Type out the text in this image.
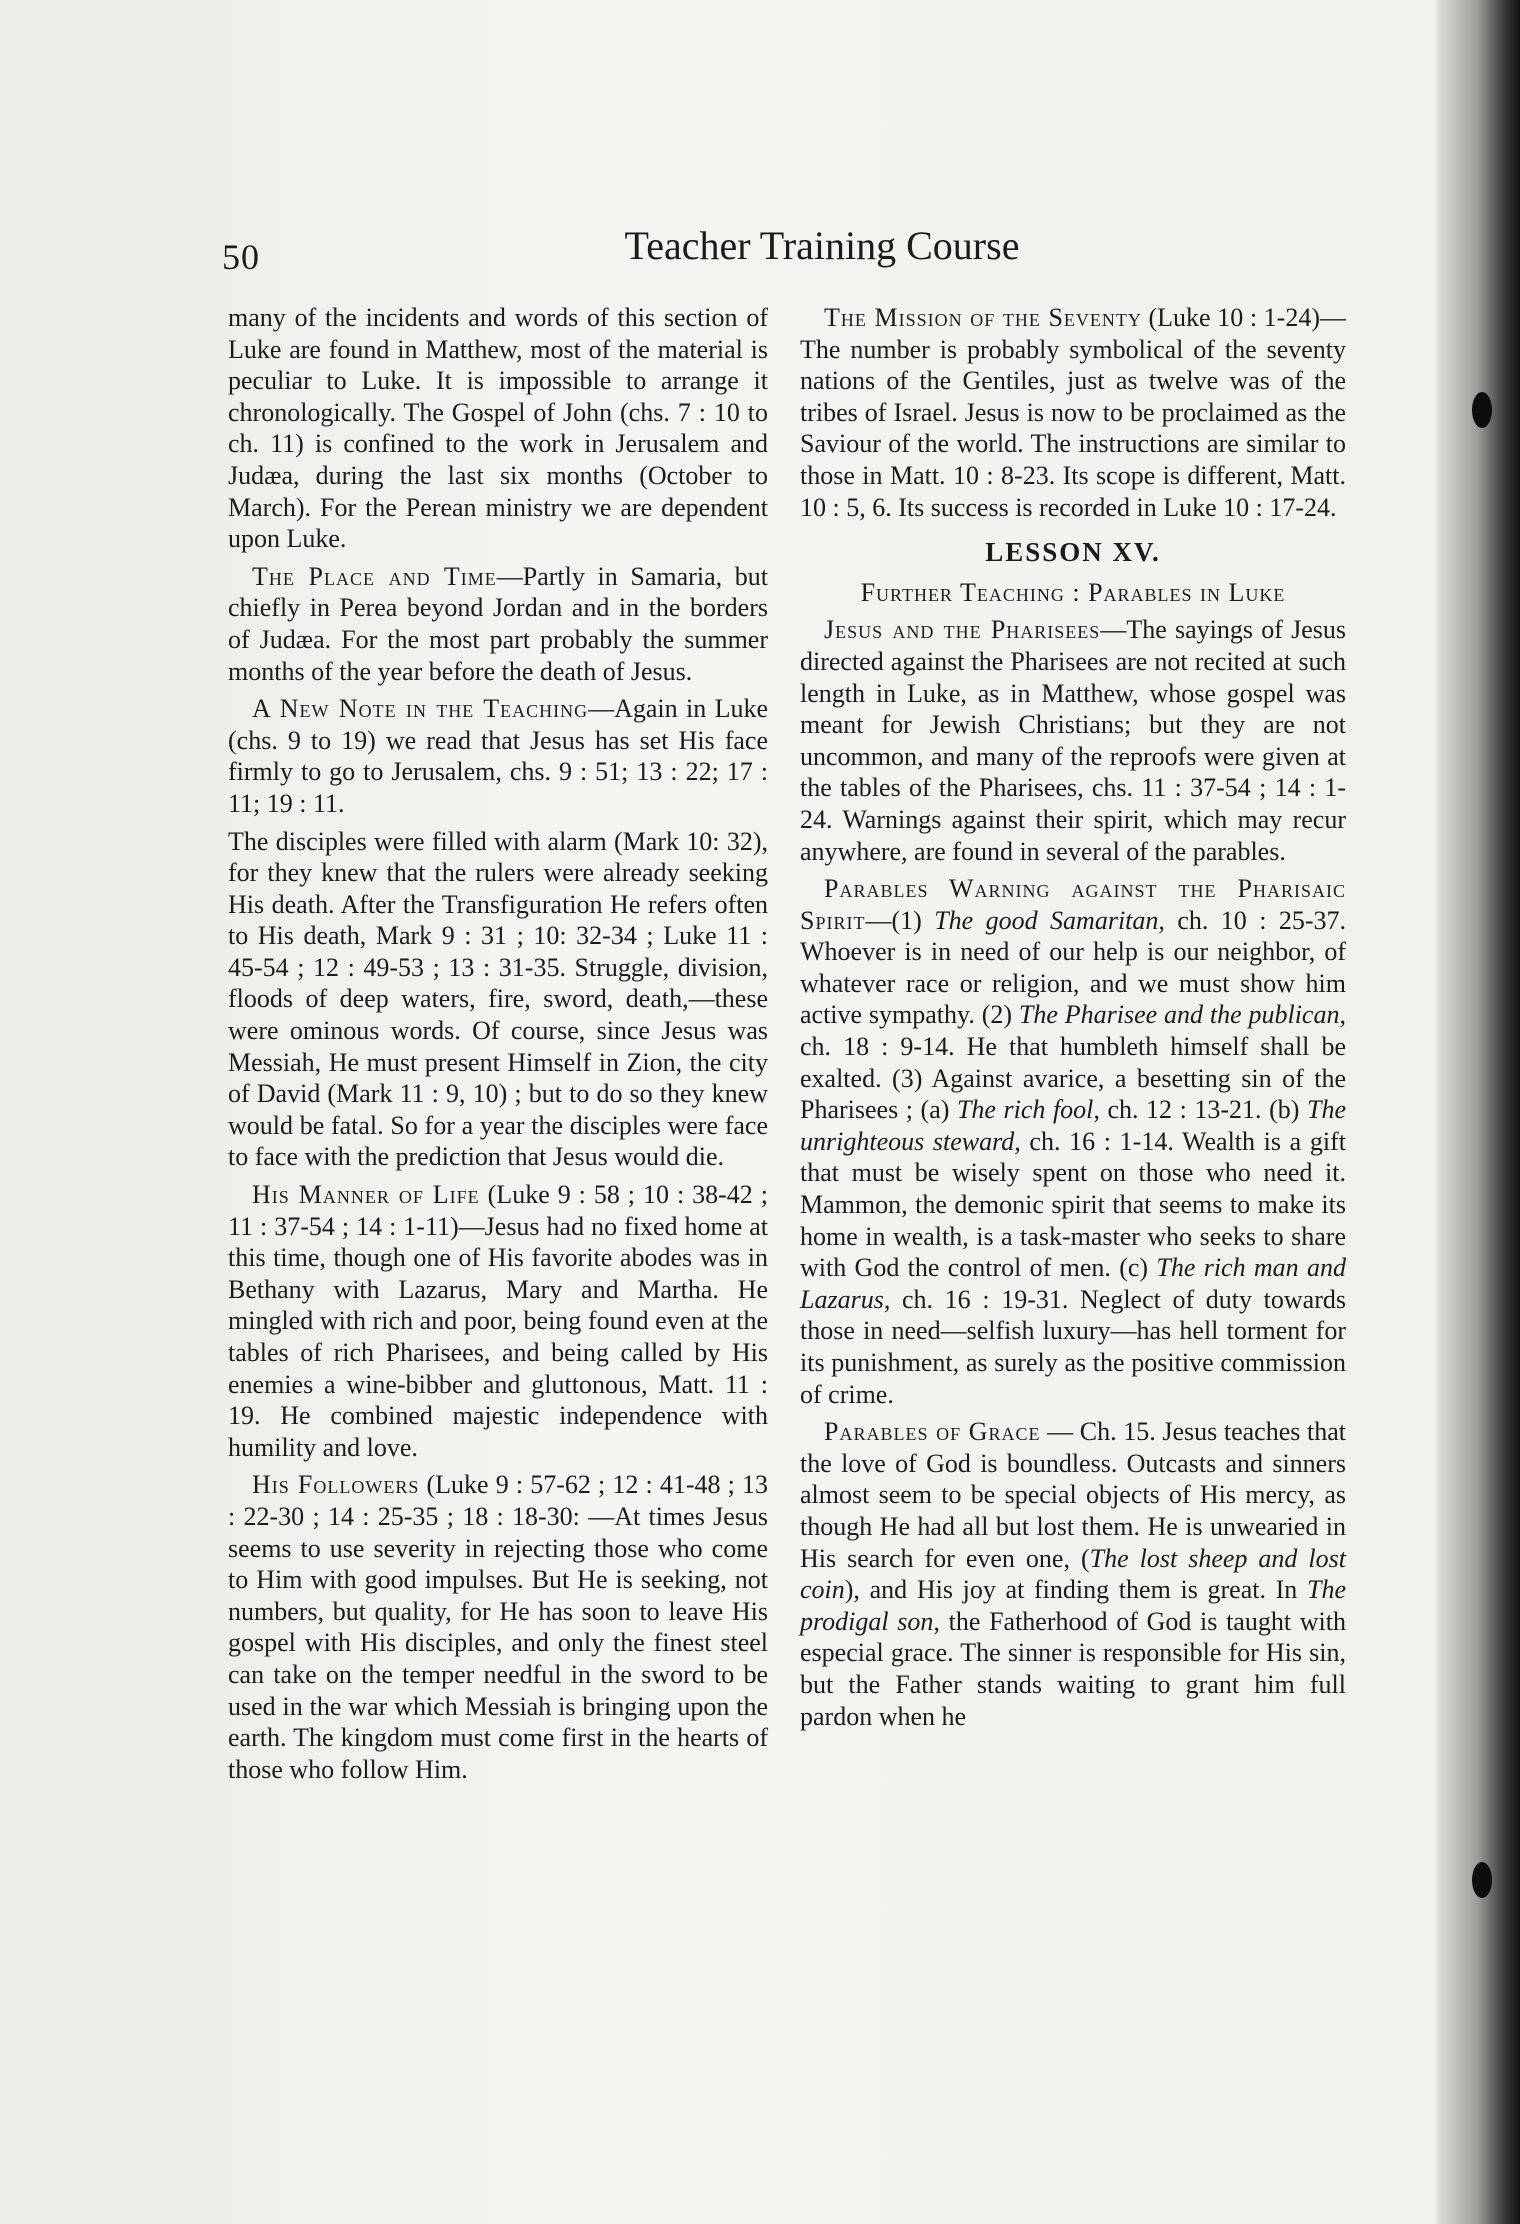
50	Teacher Training Course

many of the incidents and words of this section of Luke are found in Matthew, most of the material is peculiar to Luke. It is impossible to arrange it chronologically. The Gospel of John (chs. 7 : 10 to ch. 11) is confined to the work in Jerusalem and Judæa, during the last six months (October to March). For the Perean ministry we are dependent upon Luke.

The Place and Time—Partly in Samaria, but chiefly in Perea beyond Jordan and in the borders of Judæa. For the most part probably the summer months of the year before the death of Jesus.

A New Note in the Teaching—Again in Luke (chs. 9 to 19) we read that Jesus has set His face firmly to go to Jerusalem, chs. 9 : 51; 13 : 22; 17 : 11; 19 : 11.

The disciples were filled with alarm (Mark 10: 32), for they knew that the rulers were already seeking His death. After the Transfiguration He refers often to His death, Mark 9 : 31 ; 10: 32-34 ; Luke 11 : 45-54 ; 12 : 49-53 ; 13 : 31-35. Struggle, division, floods of deep waters, fire, sword, death,—these were ominous words. Of course, since Jesus was Messiah, He must present Himself in Zion, the city of David (Mark 11 : 9, 10) ; but to do so they knew would be fatal. So for a year the disciples were face to face with the prediction that Jesus would die.

His Manner of Life (Luke 9 : 58 ; 10 : 38-42 ; 11 : 37-54 ; 14 : 1-11)—Jesus had no fixed home at this time, though one of His favorite abodes was in Bethany with Lazarus, Mary and Martha. He mingled with rich and poor, being found even at the tables of rich Pharisees, and being called by His enemies a wine-bibber and gluttonous, Matt. 11 : 19. He combined majestic independence with humility and love.

His Followers (Luke 9 : 57-62 ; 12 : 41-48 ; 13 : 22-30 ; 14 : 25-35 ; 18 : 18-30: —At times Jesus seems to use severity in rejecting those who come to Him with good impulses. But He is seeking, not numbers, but quality, for He has soon to leave His gospel with His disciples, and only the finest steel can take on the temper needful in the sword to be used in the war which Messiah is bringing upon the earth. The kingdom must come first in the hearts of those who follow Him.

The Mission of the Seventy (Luke 10 : 1-24)—The number is probably symbolical of the seventy nations of the Gentiles, just as twelve was of the tribes of Israel. Jesus is now to be proclaimed as the Saviour of the world. The instructions are similar to those in Matt. 10 : 8-23. Its scope is different, Matt. 10 : 5, 6. Its success is recorded in Luke 10 : 17-24.

LESSON XV.
Further Teaching : Parables in Luke

Jesus and the Pharisees—The sayings of Jesus directed against the Pharisees are not recited at such length in Luke, as in Matthew, whose gospel was meant for Jewish Christians; but they are not uncommon, and many of the reproofs were given at the tables of the Pharisees, chs. 11 : 37-54 ; 14 : 1-24. Warnings against their spirit, which may recur anywhere, are found in several of the parables.

Parables Warning against the Pharisaic Spirit—(1) The good Samaritan, ch. 10 : 25-37. Whoever is in need of our help is our neighbor, of whatever race or religion, and we must show him active sympathy. (2) The Pharisee and the publican, ch. 18 : 9-14. He that humbleth himself shall be exalted. (3) Against avarice, a besetting sin of the Pharisees ; (a) The rich fool, ch. 12 : 13-21. (b) The unrighteous steward, ch. 16 : 1-14. Wealth is a gift that must be wisely spent on those who need it. Mammon, the demonic spirit that seems to make its home in wealth, is a task-master who seeks to share with God the control of men. (c) The rich man and Lazarus, ch. 16 : 19-31. Neglect of duty towards those in need—selfish luxury—has hell torment for its punishment, as surely as the positive commission of crime.

Parables of Grace — Ch. 15. Jesus teaches that the love of God is boundless. Outcasts and sinners almost seem to be special objects of His mercy, as though He had all but lost them. He is unwearied in His search for even one, (The lost sheep and lost coin), and His joy at finding them is great. In The prodigal son, the Fatherhood of God is taught with especial grace. The sinner is responsible for His sin, but the Father stands waiting to grant him full pardon when he
